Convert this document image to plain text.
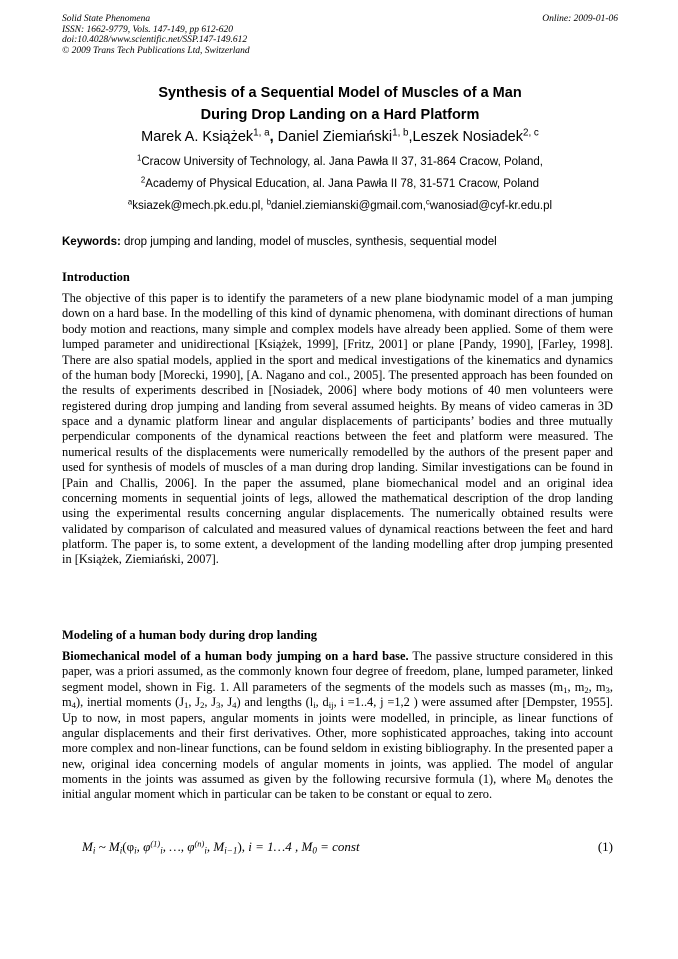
Solid State Phenomena
ISSN: 1662-9779, Vols. 147-149, pp 612-620
doi:10.4028/www.scientific.net/SSP.147-149.612
© 2009 Trans Tech Publications Ltd, Switzerland
Online: 2009-01-06
Synthesis of a Sequential Model of Muscles of a Man
During Drop Landing on a Hard Platform
Marek A. Książek$^{1, a}$, Daniel Ziemiański$^{1, b}$,Leszek Nosiadek$^{2, c}$
$^1$Cracow University of Technology, al. Jana Pawła II 37, 31-864 Cracow, Poland,
$^2$Academy of Physical Education, al. Jana Pawła II 78, 31-571 Cracow, Poland
$^a$ksiazek@mech.pk.edu.pl, $^b$daniel.ziemianski@gmail.com,$^c$wanosiad@cyf-kr.edu.pl
Keywords: drop jumping and landing, model of muscles, synthesis, sequential model
Introduction
The objective of this paper is to identify the parameters of a new plane biodynamic model of a man jumping down on a hard base. In the modelling of this kind of dynamic phenomena, with dominant directions of human body motion and reactions, many simple and complex models have already been applied. Some of them were lumped parameter and unidirectional [Książek, 1999], [Fritz, 2001] or plane [Pandy, 1990], [Farley, 1998]. There are also spatial models, applied in the sport and medical investigations of the kinematics and dynamics of the human body [Morecki, 1990], [A. Nagano and col., 2005]. The presented approach has been founded on the results of experiments described in [Nosiadek, 2006] where body motions of 40 men volunteers were registered during drop jumping and landing from several assumed heights. By means of video cameras in 3D space and a dynamic platform linear and angular displacements of participants’ bodies and three mutually perpendicular components of the dynamical reactions between the feet and platform were measured. The numerical results of the displacements were numerically remodelled by the authors of the present paper and used for synthesis of models of muscles of a man during drop landing. Similar investigations can be found in [Pain and Challis, 2006]. In the paper the assumed, plane biomechanical model and an original idea concerning moments in sequential joints of legs, allowed the mathematical description of the drop landing using the experimental results concerning angular displacements. The numerically obtained results were validated by comparison of calculated and measured values of dynamical reactions between the feet and hard platform. The paper is, to some extent, a development of the landing modelling after drop jumping presented in [Książek, Ziemiański, 2007].
Modeling of a human body during drop landing
Biomechanical model of a human body jumping on a hard base. The passive structure considered in this paper, was a priori assumed, as the commonly known four degree of freedom, plane, lumped parameter, linked segment model, shown in Fig. 1. All parameters of the segments of the models such as masses ($m_1$, $m_2$, $m_3$, $m_4$), inertial moments ($J_1$, $J_2$, $J_3$, $J_4$) and lengths ($l_i$, $d_{ij}$, i =1..4, j =1,2 ) were assumed after [Dempster, 1955]. Up to now, in most papers, angular moments in joints were modelled, in principle, as linear functions of angular displacements and their first derivatives. Other, more sophisticated approaches, taking into account more complex and non-linear functions, can be found seldom in existing bibliography. In the presented paper a new, original idea concerning models of angular moments in joints, was applied. The model of angular moments in the joints was assumed as given by the following recursive formula (1), where $M_0$ denotes the initial angular moment which in particular can be taken to be constant or equal to zero.
$M_i$ ~ $M_i(\varphi_i$, $\varphi^{(1)}_i$, …, $\varphi^{(n)}_i$, $M_{i-1}$), i = 1…4 , $M_0$ = const	(1)
